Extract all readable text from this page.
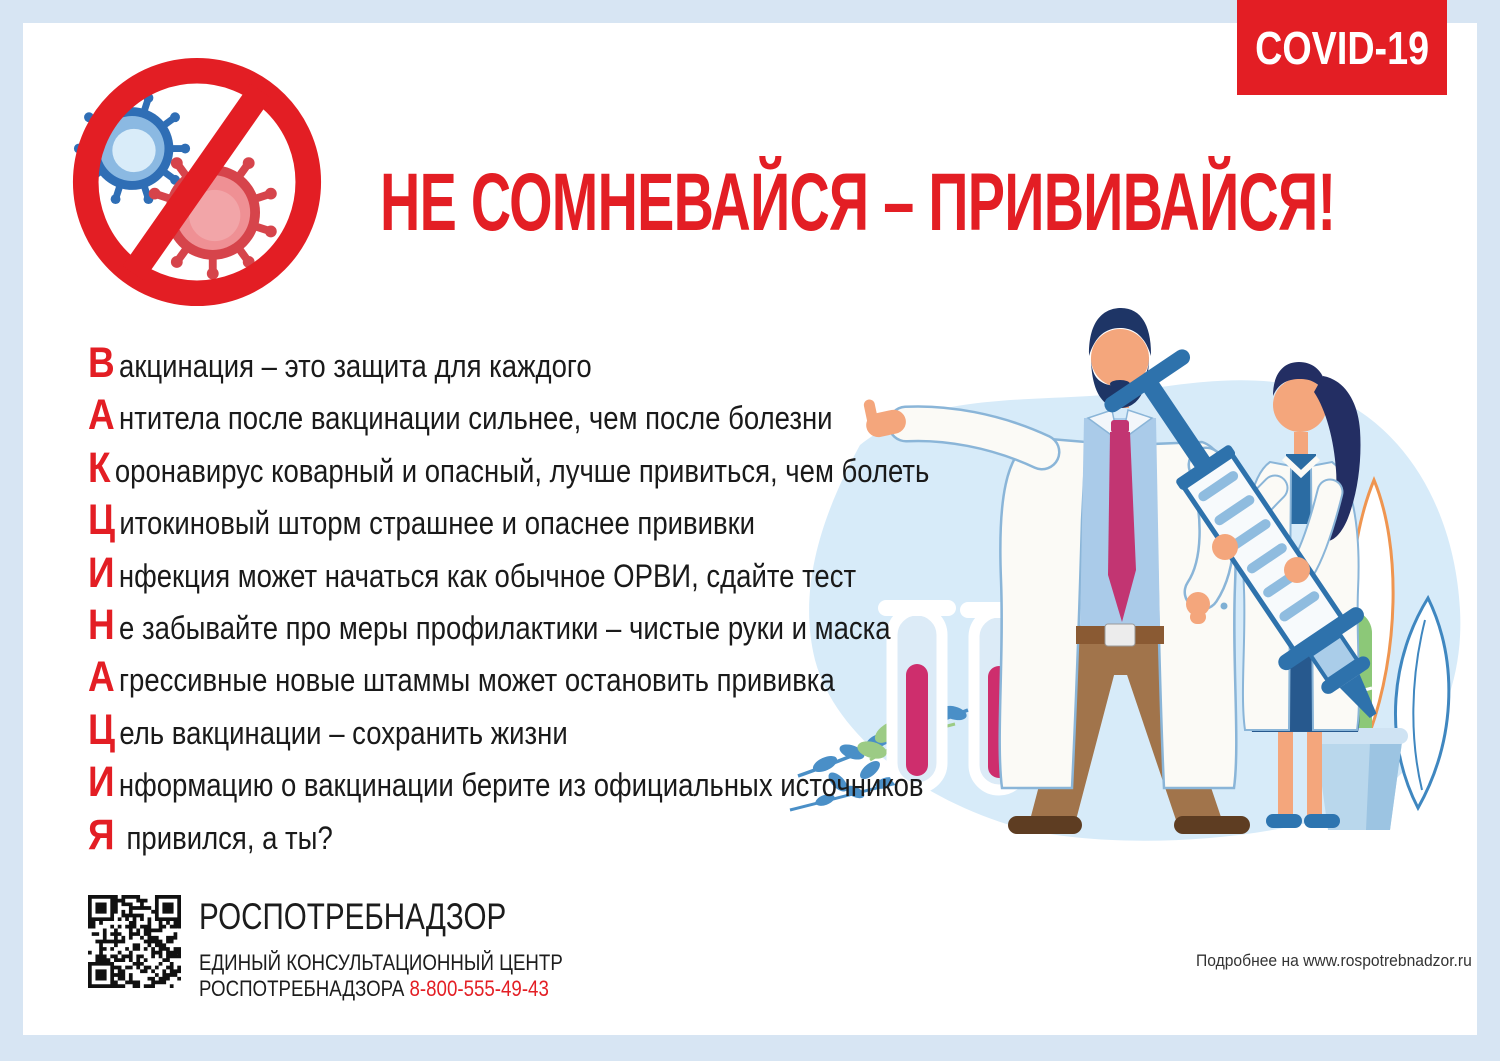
COVID-19
НЕ СОМНЕВАЙСЯ – ПРИВИВАЙСЯ!
В акцинация – это защита для каждого
А нтитела после вакцинации сильнее, чем после болезни
К оронавирус коварный и опасный, лучше привиться, чем болеть
Ц итокиновый шторм страшнее и опаснее прививки
И нфекция может начаться как обычное ОРВИ, сдайте тест
Н е забывайте про меры профилактики – чистые руки и маска
А грессивные новые штаммы может остановить прививка
Ц ель вакцинации – сохранить жизни
И нформацию о вакцинации берите из официальных источников
Я привился, а ты?
РОСПОТРЕБНАДЗОР
ЕДИНЫЙ КОНСУЛЬТАЦИОННЫЙ ЦЕНТР
РОСПОТРЕБНАДЗОРА 8-800-555-49-43
Подробнее на www.rospotrebnadzor.ru
